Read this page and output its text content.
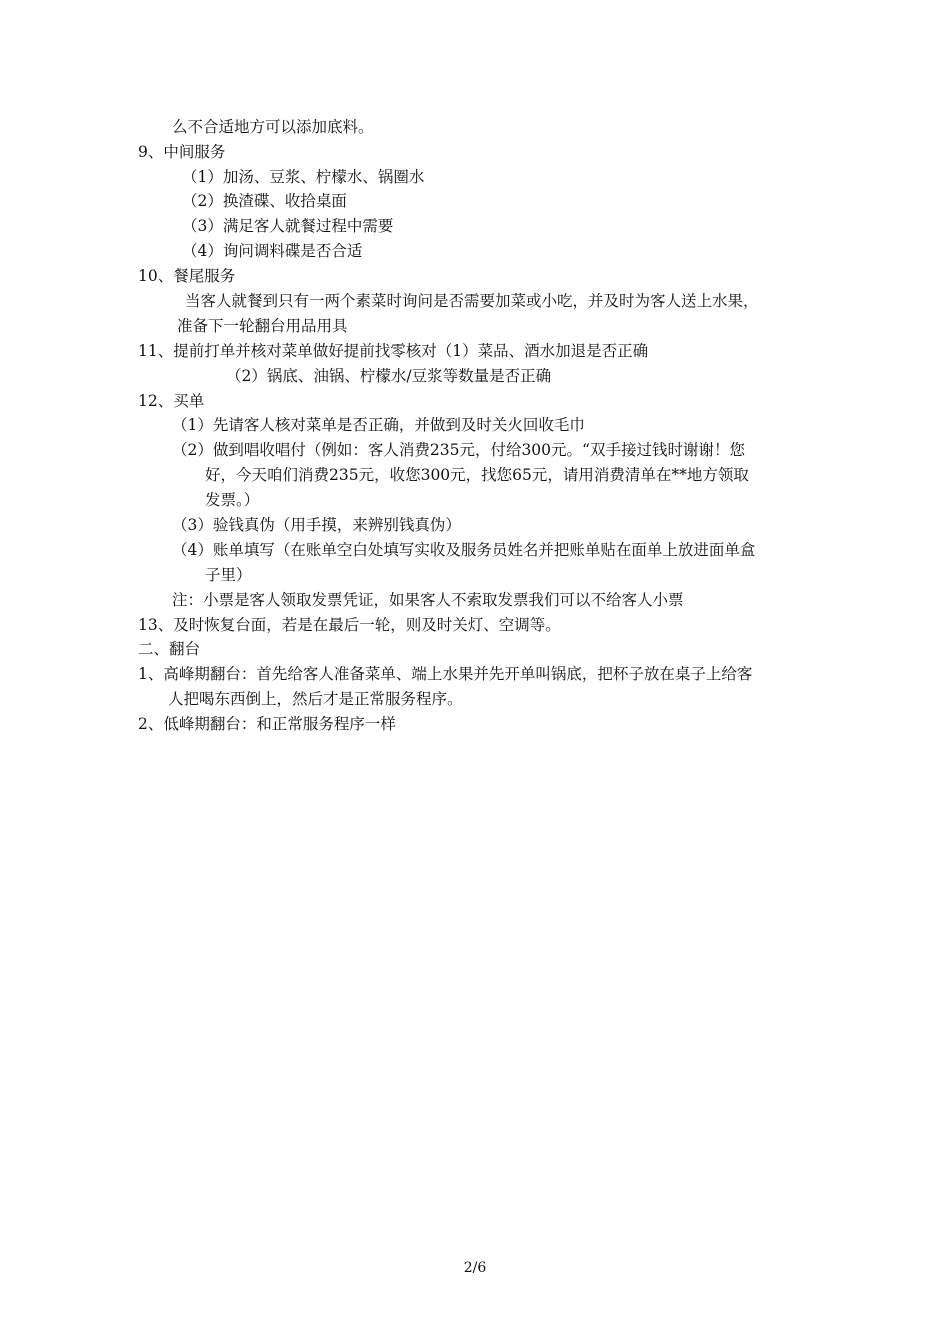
么不合适地方可以添加底料。
9、中间服务
（1）加汤、豆浆、柠檬水、锅圈水
（2）换渣碟、收拾桌面
（3）满足客人就餐过程中需要
（4）询问调料碟是否合适
10、餐尾服务
当客人就餐到只有一两个素菜时询问是否需要加菜或小吃，并及时为客人送上水果，
准备下一轮翻台用品用具
11、提前打单并核对菜单做好提前找零核对（1）菜品、酒水加退是否正确
（2）锅底、油锅、柠檬水/豆浆等数量是否正确
12、买单
（1）先请客人核对菜单是否正确，并做到及时关火回收毛巾
（2）做到唱收唱付（例如：客人消费235元，付给300元。“双手接过钱时谢谢！您
好，今天咱们消费235元，收您300元，找您65元，请用消费清单在**地方领取
发票。）
（3）验钱真伪（用手摸，来辨别钱真伪）
（4）账单填写（在账单空白处填写实收及服务员姓名并把账单贴在面单上放进面单盒
子里）
注：小票是客人领取发票凭证，如果客人不索取发票我们可以不给客人小票
13、及时恢复台面，若是在最后一轮，则及时关灯、空调等。
二、翻台
1、高峰期翻台：首先给客人准备菜单、端上水果并先开单叫锅底，把杯子放在桌子上给客
人把喝东西倒上，然后才是正常服务程序。
2、低峰期翻台：和正常服务程序一样
2/6
